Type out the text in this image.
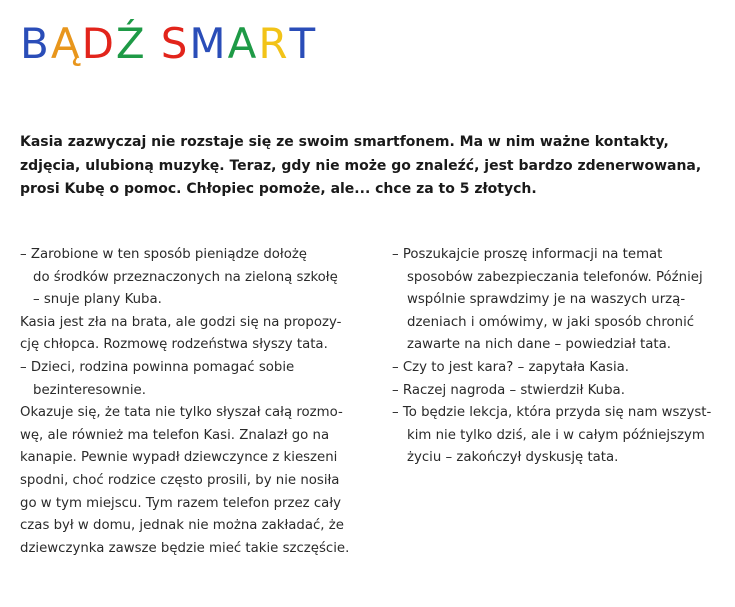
BĄDŹ SMART

Kasia zazwyczaj nie rozstaje się ze swoim smartfonem. Ma w nim ważne kontakty, zdjęcia, ulubioną muzykę. Teraz, gdy nie może go znaleźć, jest bardzo zdenerwowana, prosi Kubę o pomoc. Chłopiec pomoże, ale... chce za to 5 złotych.

– Zarobione w ten sposób pieniądze dołożę
do środków przeznaczonych na zieloną szkołę
– snuje plany Kuba.
Kasia jest zła na brata, ale godzi się na propozy-
cję chłopca. Rozmowę rodzeństwa słyszy tata.
– Dzieci, rodzina powinna pomagać sobie
bezinteresownie.
Okazuje się, że tata nie tylko słyszał całą rozmo-
wę, ale również ma telefon Kasi. Znalazł go na
kanapie. Pewnie wypadł dziewczynce z kieszeni
spodni, choć rodzice często prosili, by nie nosiła
go w tym miejscu. Tym razem telefon przez cały
czas był w domu, jednak nie można zakładać, że
dziewczynka zawsze będzie mieć takie szczęście.
– Poszukajcie proszę informacji na temat
sposobów zabezpieczania telefonów. Później
wspólnie sprawdzimy je na waszych urzą-
dzeniach i omówimy, w jaki sposób chronić
zawarte na nich dane – powiedział tata.
– Czy to jest kara? – zapytała Kasia.
– Raczej nagroda – stwierdził Kuba.
– To będzie lekcja, która przyda się nam wszyst-
kim nie tylko dziś, ale i w całym późniejszym
życiu – zakończył dyskusję tata.
